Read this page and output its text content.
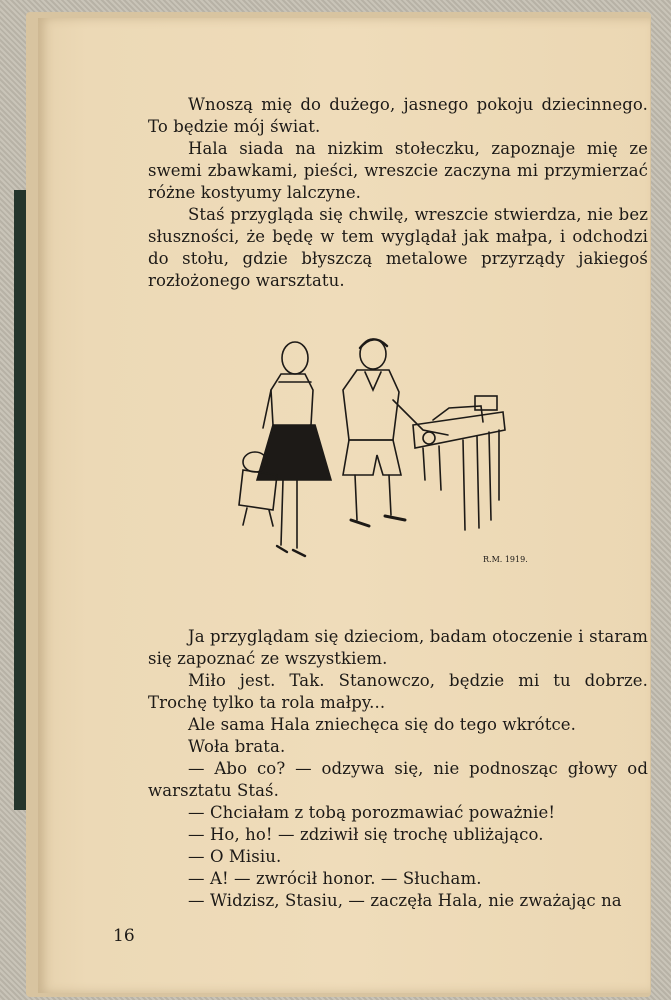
Wnoszą mię do dużego, jasnego pokoju dziecinnego. To będzie mój świat.

Hala siada na nizkim stołeczku, zapoznaje mię ze swemi zbawkami, pieści, wreszcie zaczyna mi przymierzać różne kostyumy lalczyne.

Staś przygląda się chwilę, wreszcie stwierdza, nie bez słuszności, że będę w tem wyglądał jak małpa, i odchodzi do stołu, gdzie błyszczą metalowe przyrządy jakiegoś rozłożonego warsztatu.

R.M. 1919.

Ja przyglądam się dzieciom, badam otoczenie i staram się zapoznać ze wszystkiem.

Miło jest. Tak. Stanowczo, będzie mi tu dobrze. Trochę tylko ta rola małpy...

Ale sama Hala zniechęca się do tego wkrótce.

Woła brata.

— Abo co? — odzywa się, nie podnosząc głowy od warsztatu Staś.

— Chciałam z tobą porozmawiać poważnie!

— Ho, ho! — zdziwił się trochę ubliżająco.

— O Misiu.

— A! — zwrócił honor. — Słucham.

— Widzisz, Stasiu, — zaczęła Hala, nie zważając na

16
